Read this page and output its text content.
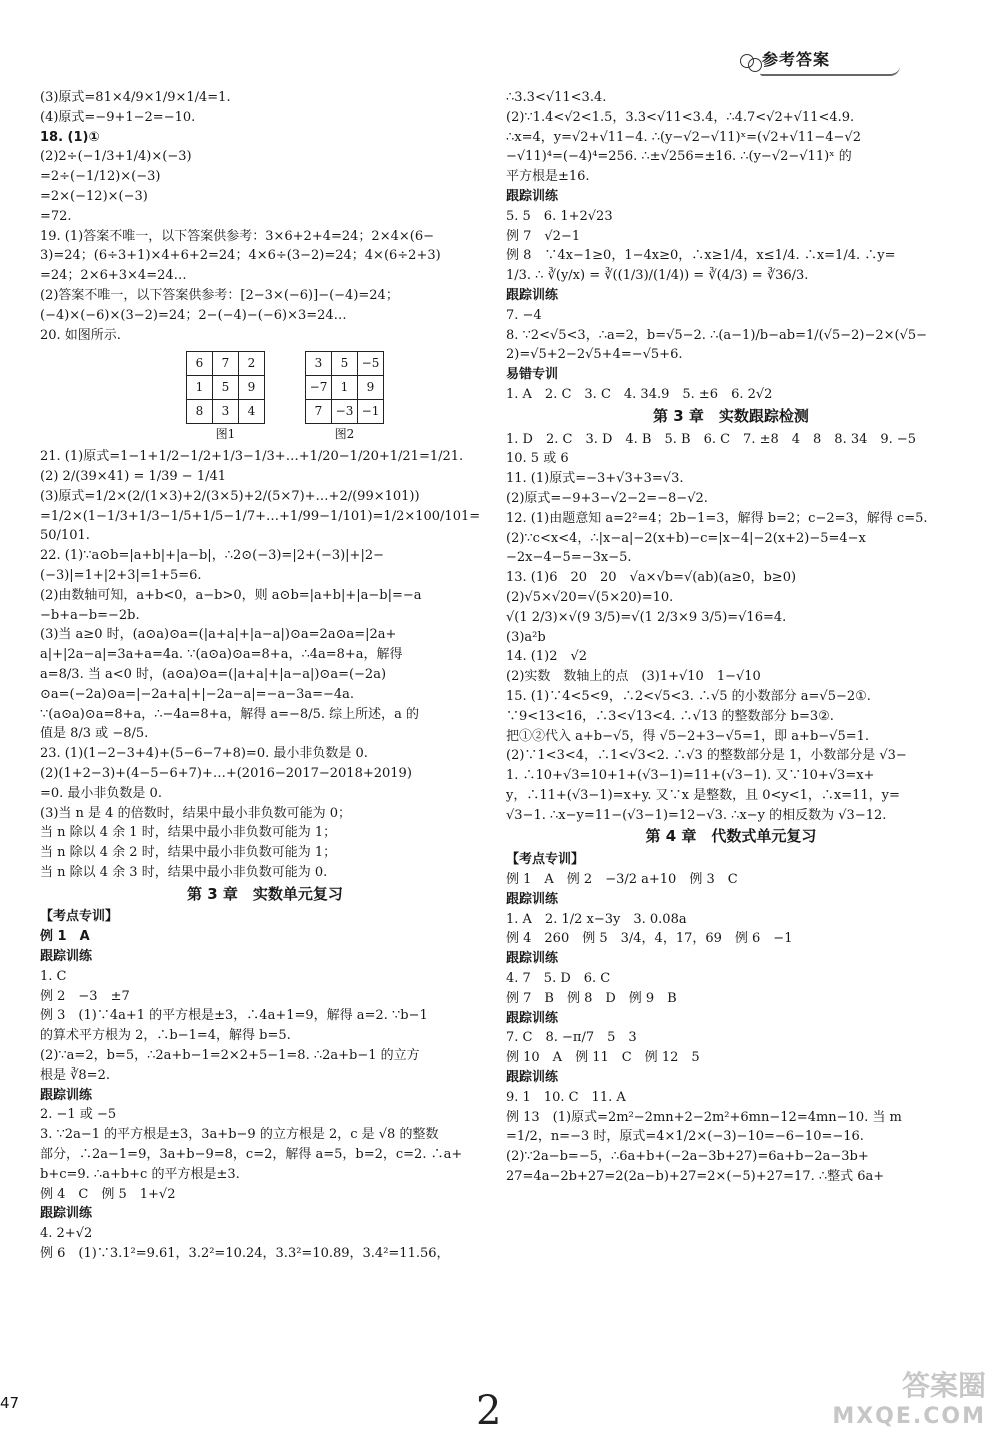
参考答案
(3)原式=81×4/9×1/9×1/4=1.
(4)原式=−9+1−2=−10.
18. (1)①
(2)2÷(−1/3+1/4)×(−3)
=2÷(−1/12)×(−3)
=2×(−12)×(−3)
=72.
19. (1)答案不唯一，以下答案供参考：3×6+2+4=24；2×4×(6−
3)=24；(6÷3+1)×4+6+2=24；4×6÷(3−2)=24；4×(6÷2+3)
=24；2×6+3×4=24…
(2)答案不唯一，以下答案供参考：[2−3×(−6)]−(−4)=24；
(−4)×(−6)×(3−2)=24；2−(−4)−(−6)×3=24…
20. 如图所示.
6	7	2
1	5	9
8	3	4
图1
3	5	−5
−7	1	9
7	−3	−1
图2
21. (1)原式=1−1+1/2−1/2+1/3−1/3+…+1/20−1/20+1/21=1/21.
(2) 2/(39×41) = 1/39 − 1/41
(3)原式=1/2×(2/(1×3)+2/(3×5)+2/(5×7)+…+2/(99×101))
=1/2×(1−1/3+1/3−1/5+1/5−1/7+…+1/99−1/101)=1/2×100/101=
50/101.
22. (1)∵a⊙b=|a+b|+|a−b|，∴2⊙(−3)=|2+(−3)|+|2−
(−3)|=1+|2+3|=1+5=6.
(2)由数轴可知，a+b<0，a−b>0，则 a⊙b=|a+b|+|a−b|=−a
−b+a−b=−2b.
(3)当 a≥0 时，(a⊙a)⊙a=(|a+a|+|a−a|)⊙a=2a⊙a=|2a+
a|+|2a−a|=3a+a=4a. ∵(a⊙a)⊙a=8+a，∴4a=8+a，解得
a=8/3. 当 a<0 时，(a⊙a)⊙a=(|a+a|+|a−a|)⊙a=(−2a)
⊙a=(−2a)⊙a=|−2a+a|+|−2a−a|=−a−3a=−4a.
∵(a⊙a)⊙a=8+a，∴−4a=8+a，解得 a=−8/5. 综上所述，a 的
值是 8/3 或 −8/5.
23. (1)(1−2−3+4)+(5−6−7+8)=0. 最小非负数是 0.
(2)(1+2−3)+(4−5−6+7)+…+(2016−2017−2018+2019)
=0. 最小非负数是 0.
(3)当 n 是 4 的倍数时，结果中最小非负数可能为 0；
当 n 除以 4 余 1 时，结果中最小非负数可能为 1；
当 n 除以 4 余 2 时，结果中最小非负数可能为 1；
当 n 除以 4 余 3 时，结果中最小非负数可能为 0.
第 3 章　实数单元复习
【考点专训】
例 1　A
跟踪训练
1. C
例 2　−3　±7
例 3　(1)∵4a+1 的平方根是±3，∴4a+1=9，解得 a=2. ∵b−1
的算术平方根为 2，∴b−1=4，解得 b=5.
(2)∵a=2，b=5，∴2a+b−1=2×2+5−1=8. ∴2a+b−1 的立方
根是 ∛8=2.
跟踪训练
2. −1 或 −5
3. ∵2a−1 的平方根是±3，3a+b−9 的立方根是 2，c 是 √8 的整数
部分，∴2a−1=9，3a+b−9=8，c=2，解得 a=5，b=2，c=2. ∴a+
b+c=9. ∴a+b+c 的平方根是±3.
例 4　C　例 5　1+√2
跟踪训练
4. 2+√2
例 6　(1)∵3.1²=9.61，3.2²=10.24，3.3²=10.89，3.4²=11.56，
∴3.3<√11<3.4.
(2)∵1.4<√2<1.5，3.3<√11<3.4，∴4.7<√2+√11<4.9.
∴x=4，y=√2+√11−4. ∴(y−√2−√11)ˣ=(√2+√11−4−√2
−√11)⁴=(−4)⁴=256. ∴±√256=±16. ∴(y−√2−√11)ˣ 的
平方根是±16.
跟踪训练
5. 5　6. 1+2√23
例 7　√2−1
例 8　∵4x−1≥0，1−4x≥0，∴x≥1/4，x≤1/4. ∴x=1/4. ∴y=
1/3. ∴ ∛(y/x) = ∛((1/3)/(1/4)) = ∛(4/3) = ∛36/3.
跟踪训练
7. −4
8. ∵2<√5<3，∴a=2，b=√5−2. ∴(a−1)/b−ab=1/(√5−2)−2×(√5−
2)=√5+2−2√5+4=−√5+6.
易错专训
1. A　2. C　3. C　4. 34.9　5. ±6　6. 2√2
第 3 章　实数跟踪检测
1. D　2. C　3. D　4. B　5. B　6. C　7. ±8　4　8　8. 34　9. −5
10. 5 或 6
11. (1)原式=−3+√3+3=√3.
(2)原式=−9+3−√2−2=−8−√2.
12. (1)由题意知 a=2²=4；2b−1=3，解得 b=2；c−2=3，解得 c=5.
(2)∵c<x<4，∴|x−a|−2(x+b)−c=|x−4|−2(x+2)−5=4−x
−2x−4−5=−3x−5.
13. (1)6　20　20　√a×√b=√(ab)(a≥0，b≥0)
(2)√5×√20=√(5×20)=10.
√(1 2/3)×√(9 3/5)=√(1 2/3×9 3/5)=√16=4.
(3)a²b
14. (1)2　√2
(2)实数　数轴上的点　(3)1+√10　1−√10
15. (1)∵4<5<9，∴2<√5<3. ∴√5 的小数部分 a=√5−2①.
∵9<13<16，∴3<√13<4. ∴√13 的整数部分 b=3②.
把①②代入 a+b−√5，得 √5−2+3−√5=1，即 a+b−√5=1.
(2)∵1<3<4，∴1<√3<2. ∴√3 的整数部分是 1，小数部分是 √3−
1. ∴10+√3=10+1+(√3−1)=11+(√3−1). 又∵10+√3=x+
y，∴11+(√3−1)=x+y. 又∵x 是整数，且 0<y<1，∴x=11，y=
√3−1. ∴x−y=11−(√3−1)=12−√3. ∴x−y 的相反数为 √3−12.
第 4 章　代数式单元复习
【考点专训】
例 1　A　例 2　−3/2 a+10　例 3　C
跟踪训练
1. A　2. 1/2 x−3y　3. 0.08a
例 4　260　例 5　3/4，4，17，69　例 6　−1
跟踪训练
4. 7　5. D　6. C
例 7　B　例 8　D　例 9　B
跟踪训练
7. C　8. −π/7　5　3
例 10　A　例 11　C　例 12　5
跟踪训练
9. 1　10. C　11. A
例 13　(1)原式=2m²−2mn+2−2m²+6mn−12=4mn−10. 当 m
=1/2，n=−3 时，原式=4×1/2×(−3)−10=−6−10=−16.
(2)∵2a−b=−5，∴6a+b+(−2a−3b+27)=6a+b−2a−3b+
27=4a−2b+27=2(2a−b)+27=2×(−5)+27=17. ∴整式 6a+
47	2
答案圈
MXQE.COM
